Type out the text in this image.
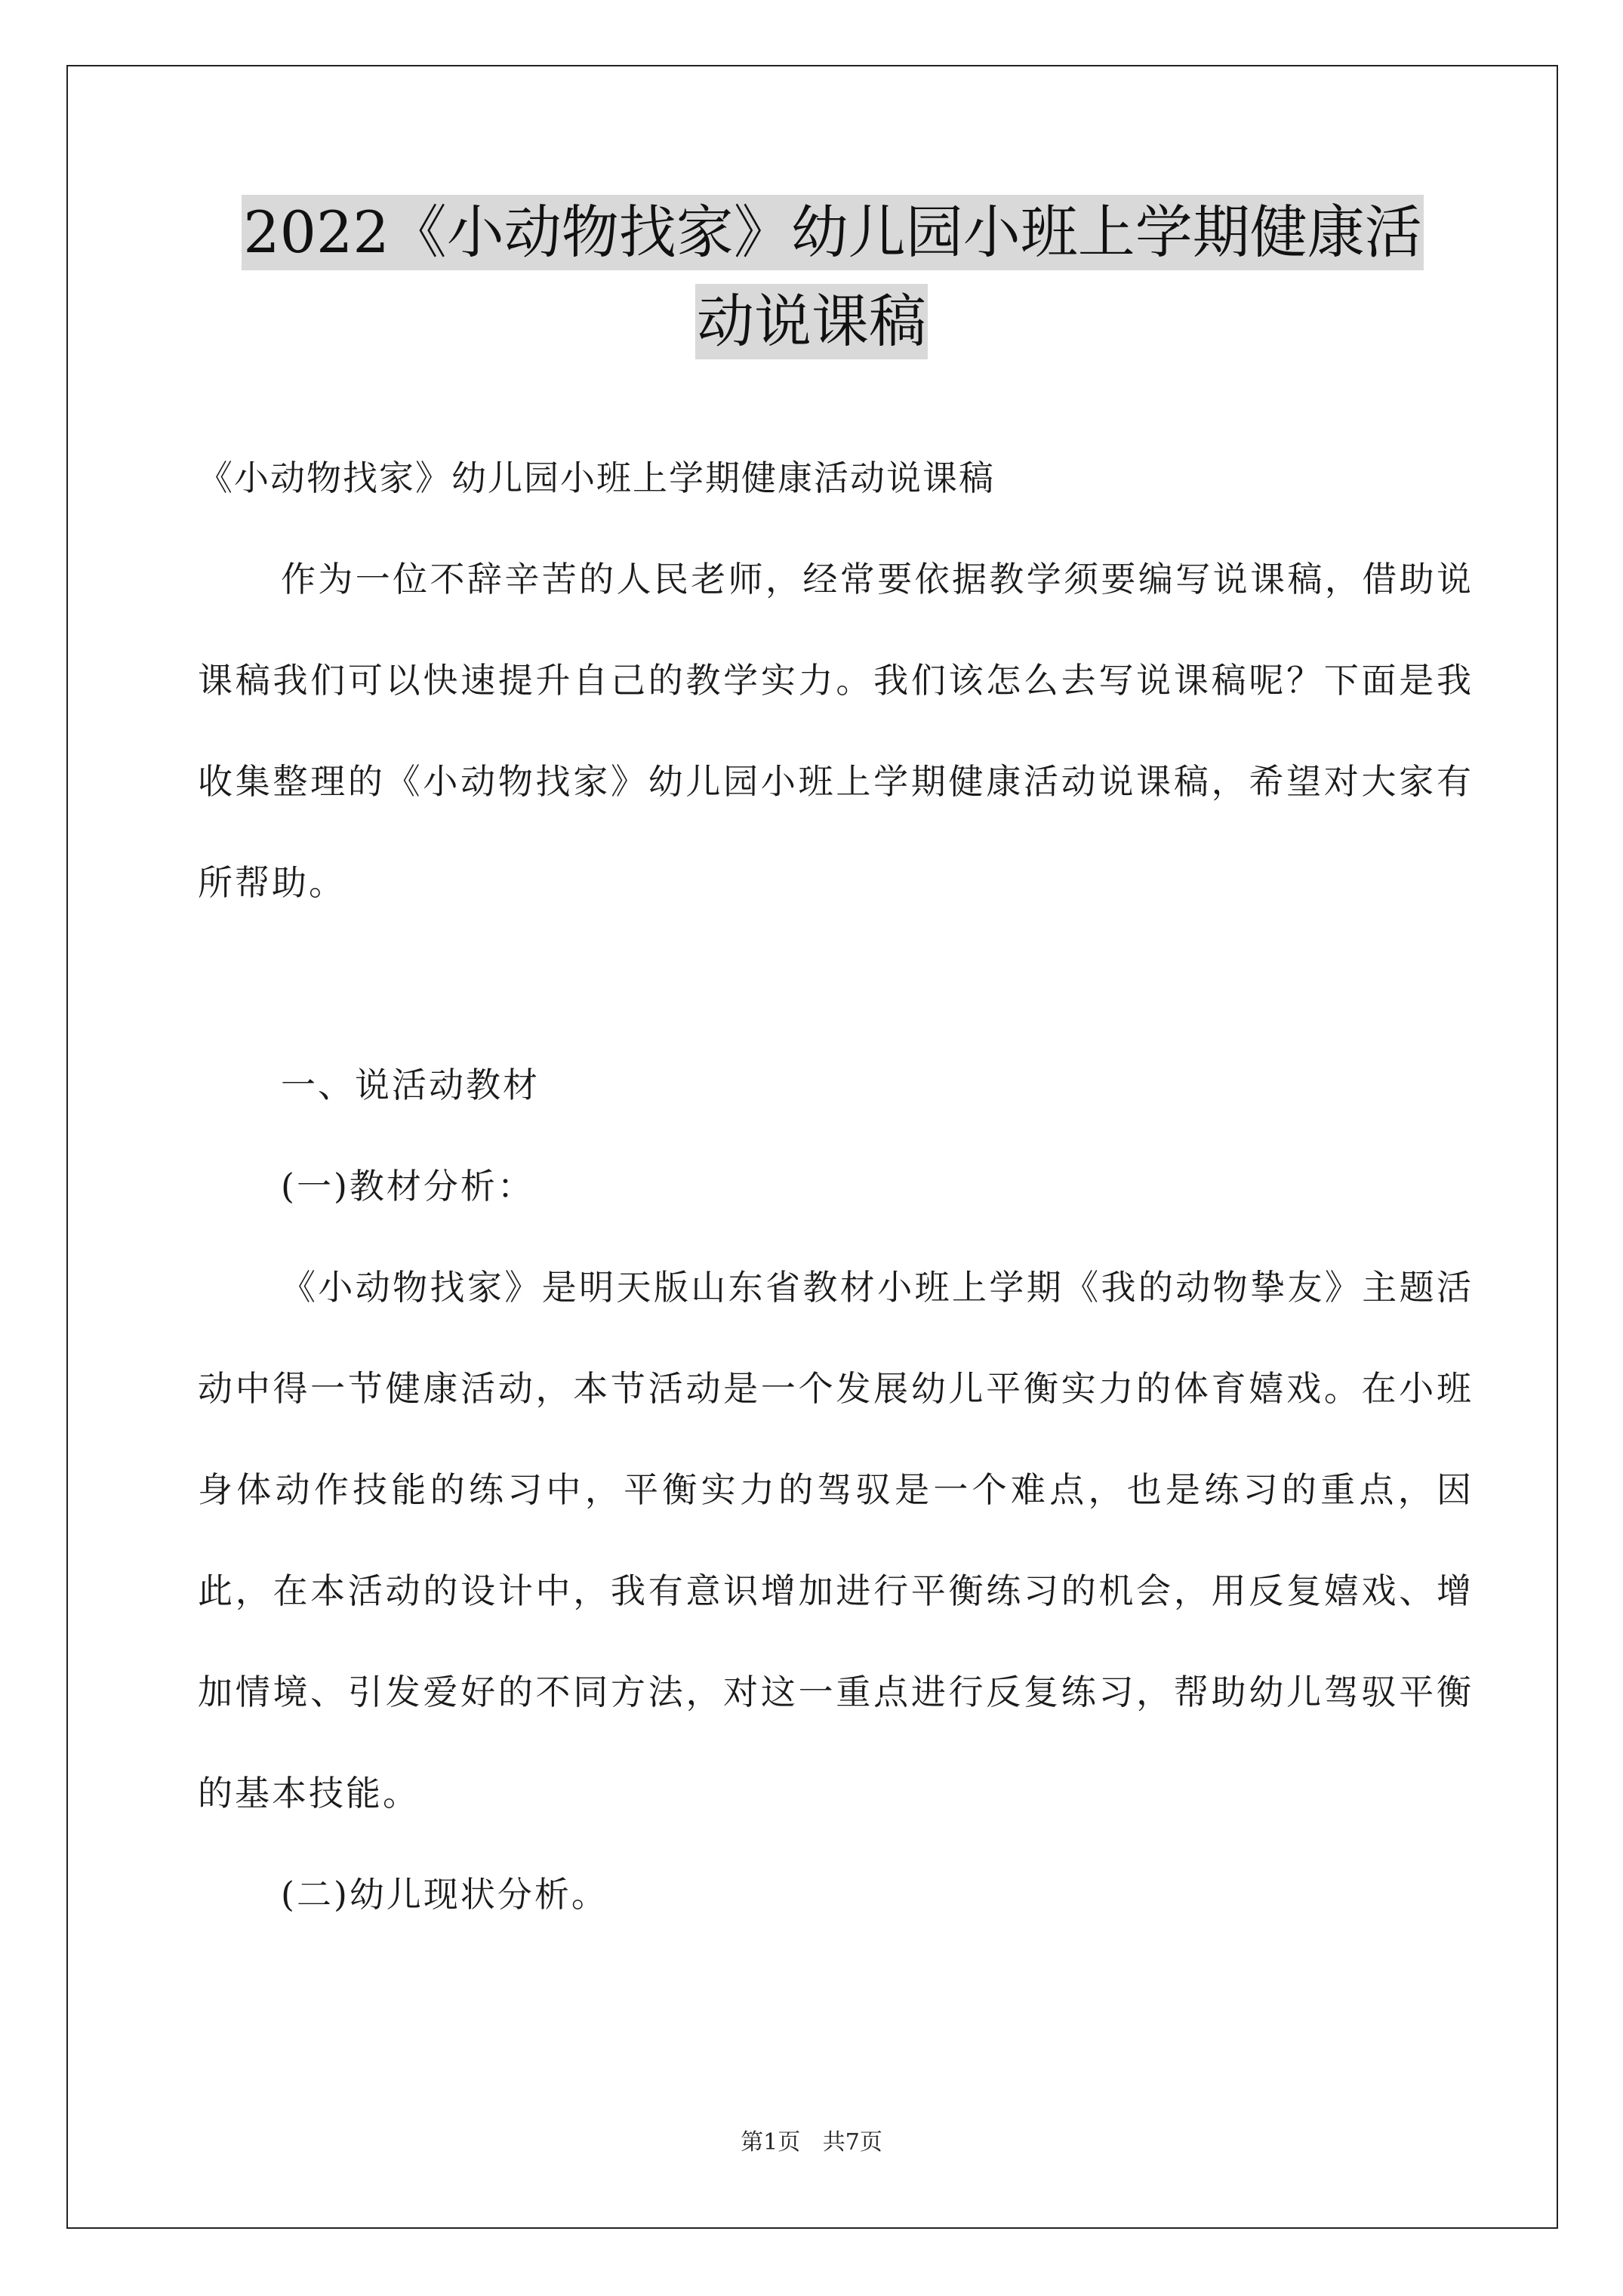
2022《小动物找家》幼儿园小班上学期健康活
动说课稿

《小动物找家》幼儿园小班上学期健康活动说课稿

作为一位不辞辛苦的人民老师，经常要依据教学须要编写说课稿，借助说课稿我们可以快速提升自己的教学实力。我们该怎么去写说课稿呢？下面是我收集整理的《小动物找家》幼儿园小班上学期健康活动说课稿，希望对大家有所帮助。

一、说活动教材

(一)教材分析：

《小动物找家》是明天版山东省教材小班上学期《我的动物挚友》主题活动中得一节健康活动，本节活动是一个发展幼儿平衡实力的体育嬉戏。在小班身体动作技能的练习中，平衡实力的驾驭是一个难点，也是练习的重点，因此，在本活动的设计中，我有意识增加进行平衡练习的机会，用反复嬉戏、增加情境、引发爱好的不同方法，对这一重点进行反复练习，帮助幼儿驾驭平衡的基本技能。

(二)幼儿现状分析。

第1页 共7页
